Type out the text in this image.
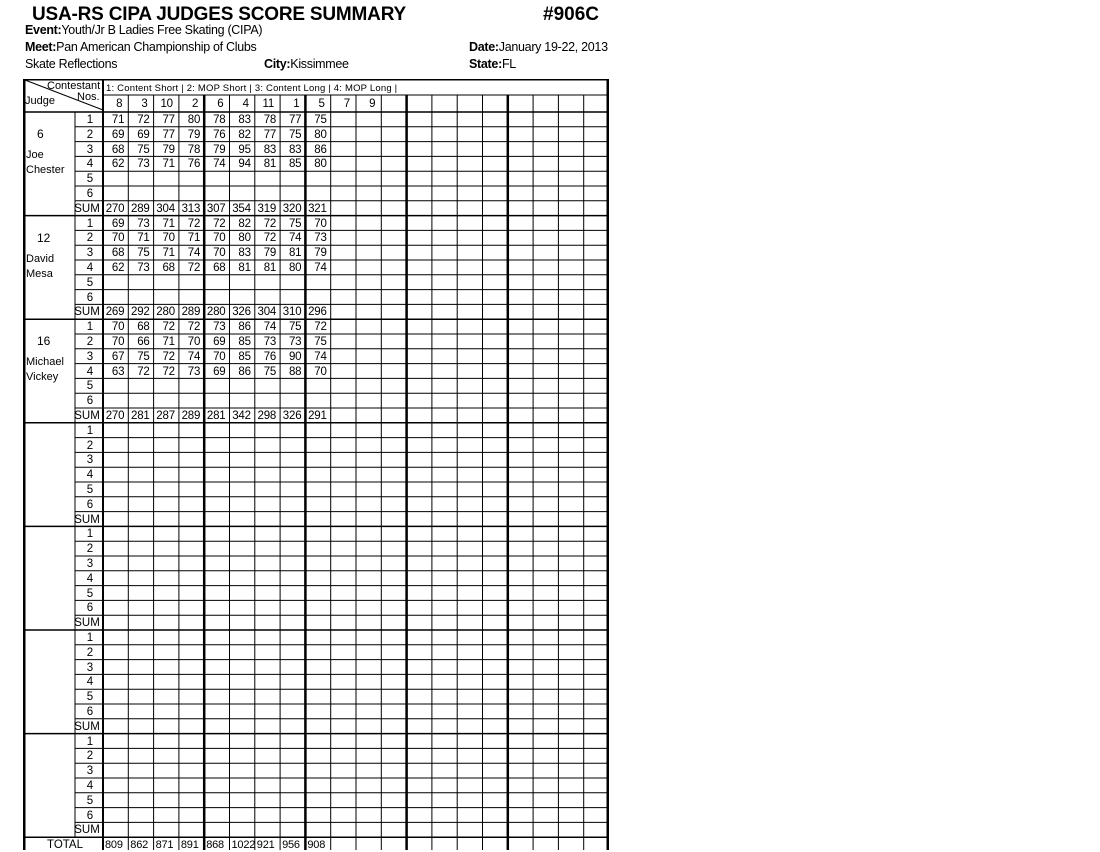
USA-RS CIPA JUDGES SCORE SUMMARY	#906C
Event:Youth/Jr B Ladies Free Skating (CIPA)
Meet:Pan American Championship of Clubs	Date:January 19-22, 2013
Skate Reflections	City:Kissimmee	State:FL
Contestant
Nos.
Judge
1: Content Short | 2: MOP Short | 3: Content Long | 4: MOP Long |
8	3	10	2	6	4	11	1	5	7	9
6
Joe
Chester
1	71	72	77	80	78	83	78	77	75
2	69	69	77	79	76	82	77	75	80
3	68	75	79	78	79	95	83	83	86
4	62	73	71	76	74	94	81	85	80
5
6
SUM 270 289 304 313 307 354 319 320 321
12
David
Mesa
1	69	73	71	72	72	82	72	75	70
2	70	71	70	71	70	80	72	74	73
3	68	75	71	74	70	83	79	81	79
4	62	73	68	72	68	81	81	80	74
5
6
SUM 269 292 280 289 280 326 304 310 296
16
Michael
Vickey
1	70	68	72	72	73	86	74	75	72
2	70	66	71	70	69	85	73	73	75
3	67	75	72	74	70	85	76	90	74
4	63	72	72	73	69	86	75	88	70
5
6
SUM 270 281 287 289 281 342 298 326 291
1
2
3
4
5
6
SUM
1
2
3
4
5
6
SUM
1
2
3
4
5
6
SUM
1
2
3
4
5
6
SUM
TOTAL 809 862 871 891 868 1022 921 956 908
